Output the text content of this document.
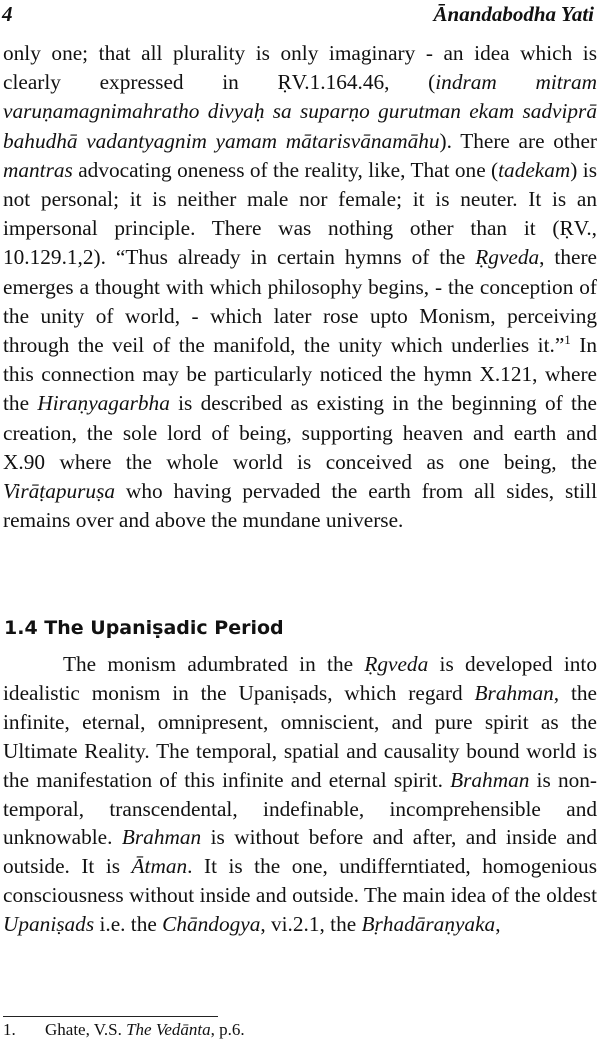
4	Ānandabodha Yati

only one; that all plurality is only imaginary - an idea which is clearly expressed in ṚV.1.164.46, (indram mitram varuṇamagnimahratho divyaḥ sa suparṇo gurutman ekam sadviprā bahudhā vadantyagnim yamam mātarisvānamāhu). There are other mantras advocating oneness of the reality, like, That one (tadekam) is not personal; it is neither male nor female; it is neuter. It is an impersonal principle. There was nothing other than it (ṚV., 10.129.1,2). “Thus already in certain hymns of the Ṛgveda, there emerges a thought with which philosophy begins, - the conception of the unity of world, - which later rose upto Monism, perceiving through the veil of the manifold, the unity which underlies it.”$^1$ In this connection may be particularly noticed the hymn X.121, where the Hiraṇyagarbha is described as existing in the beginning of the creation, the sole lord of being, supporting heaven and earth and X.90 where the whole world is conceived as one being, the Virāṭapuruṣa who having pervaded the earth from all sides, still remains over and above the mundane universe.

1.4 The Upaniṣadic Period

The monism adumbrated in the Ṛgveda is developed into idealistic monism in the Upaniṣads, which regard Brahman, the infinite, eternal, omnipresent, omniscient, and pure spirit as the Ultimate Reality. The temporal, spatial and causality bound world is the manifestation of this infinite and eternal spirit. Brahman is non-temporal, transcendental, indefinable, incomprehensible and unknowable. Brahman is without before and after, and inside and outside. It is Ātman. It is the one, undifferntiated, homogenious consciousness without inside and outside. The main idea of the oldest Upaniṣads i.e. the Chāndogya, vi.2.1, the Bṛhadāraṇyaka,

1. Ghate, V.S. The Vedānta, p.6.
